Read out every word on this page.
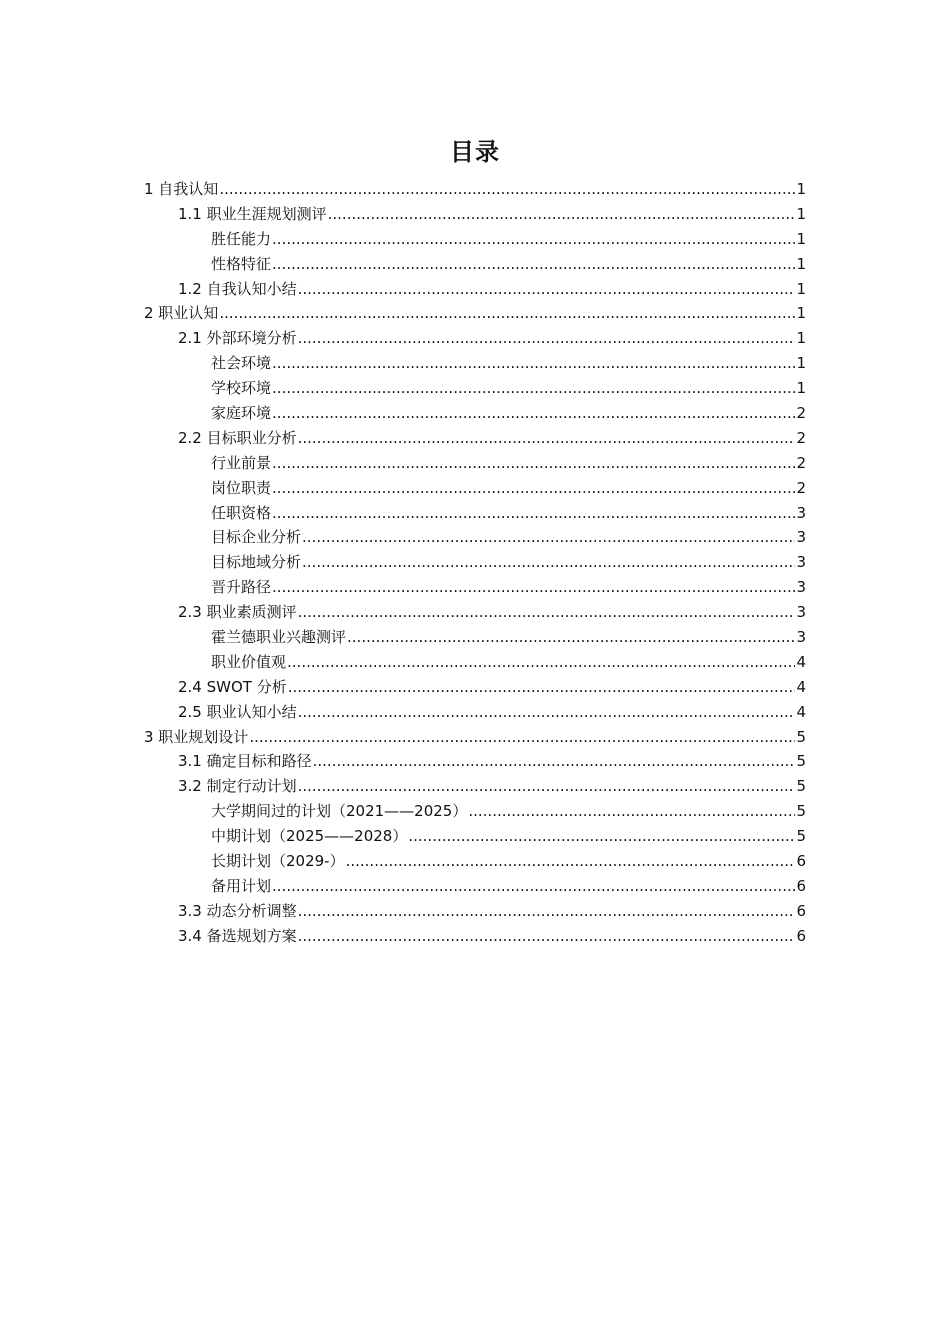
目录
1 自我认知 .....	1
1.1 职业生涯规划测评 .....	1
胜任能力 .....	1
性格特征 .....	1
1.2 自我认知小结 .....	1
2 职业认知 .....	1
2.1 外部环境分析 .....	1
社会环境 .....	1
学校环境 .....	1
家庭环境 .....	2
2.2 目标职业分析 .....	2
行业前景 .....	2
岗位职责 .....	2
任职资格 .....	3
目标企业分析 .....	3
目标地域分析 .....	3
晋升路径 .....	3
2.3 职业素质测评 .....	3
霍兰德职业兴趣测评 .....	3
职业价值观 .....	4
2.4 SWOT 分析 .....	4
2.5 职业认知小结 .....	4
3 职业规划设计 .....	5
3.1 确定目标和路径 .....	5
3.2 制定行动计划 .....	5
大学期间过的计划（2021——2025） .....	5
中期计划（2025——2028） .....	5
长期计划（2029-） .....	6
备用计划 .....	6
3.3 动态分析调整 .....	6
3.4 备选规划方案 .....	6
